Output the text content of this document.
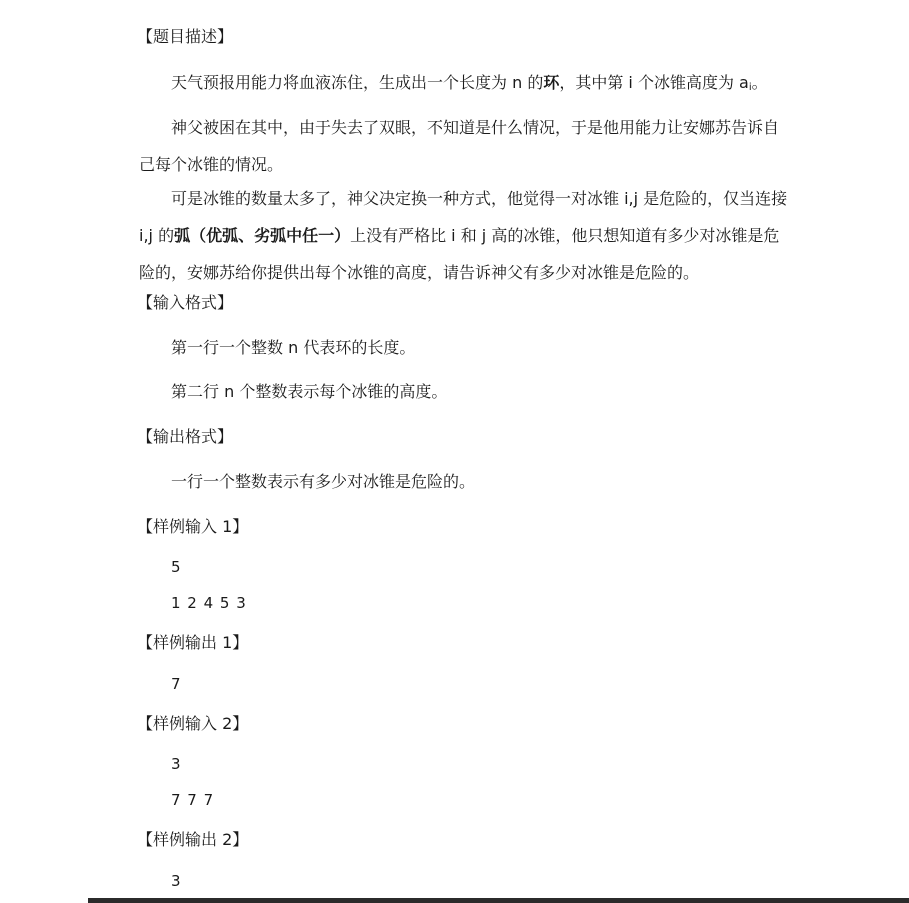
【题目描述】
天气预报用能力将血液冻住，生成出一个长度为 n 的环，其中第 i 个冰锥高度为 $a_i$。
神父被困在其中，由于失去了双眼，不知道是什么情况，于是他用能力让安娜苏告诉自己每个冰锥的情况。
可是冰锥的数量太多了，神父决定换一种方式，他觉得一对冰锥 i,j 是危险的，仅当连接 i,j 的弧（优弧、劣弧中任一）上没有严格比 i 和 j 高的冰锥，他只想知道有多少对冰锥是危险的，安娜苏给你提供出每个冰锥的高度，请告诉神父有多少对冰锥是危险的。
【输入格式】
第一行一个整数 n 代表环的长度。
第二行 n 个整数表示每个冰锥的高度。
【输出格式】
一行一个整数表示有多少对冰锥是危险的。
【样例输入 1】
5
1 2 4 5 3
【样例输出 1】
7
【样例输入 2】
3
7 7 7
【样例输出 2】
3
